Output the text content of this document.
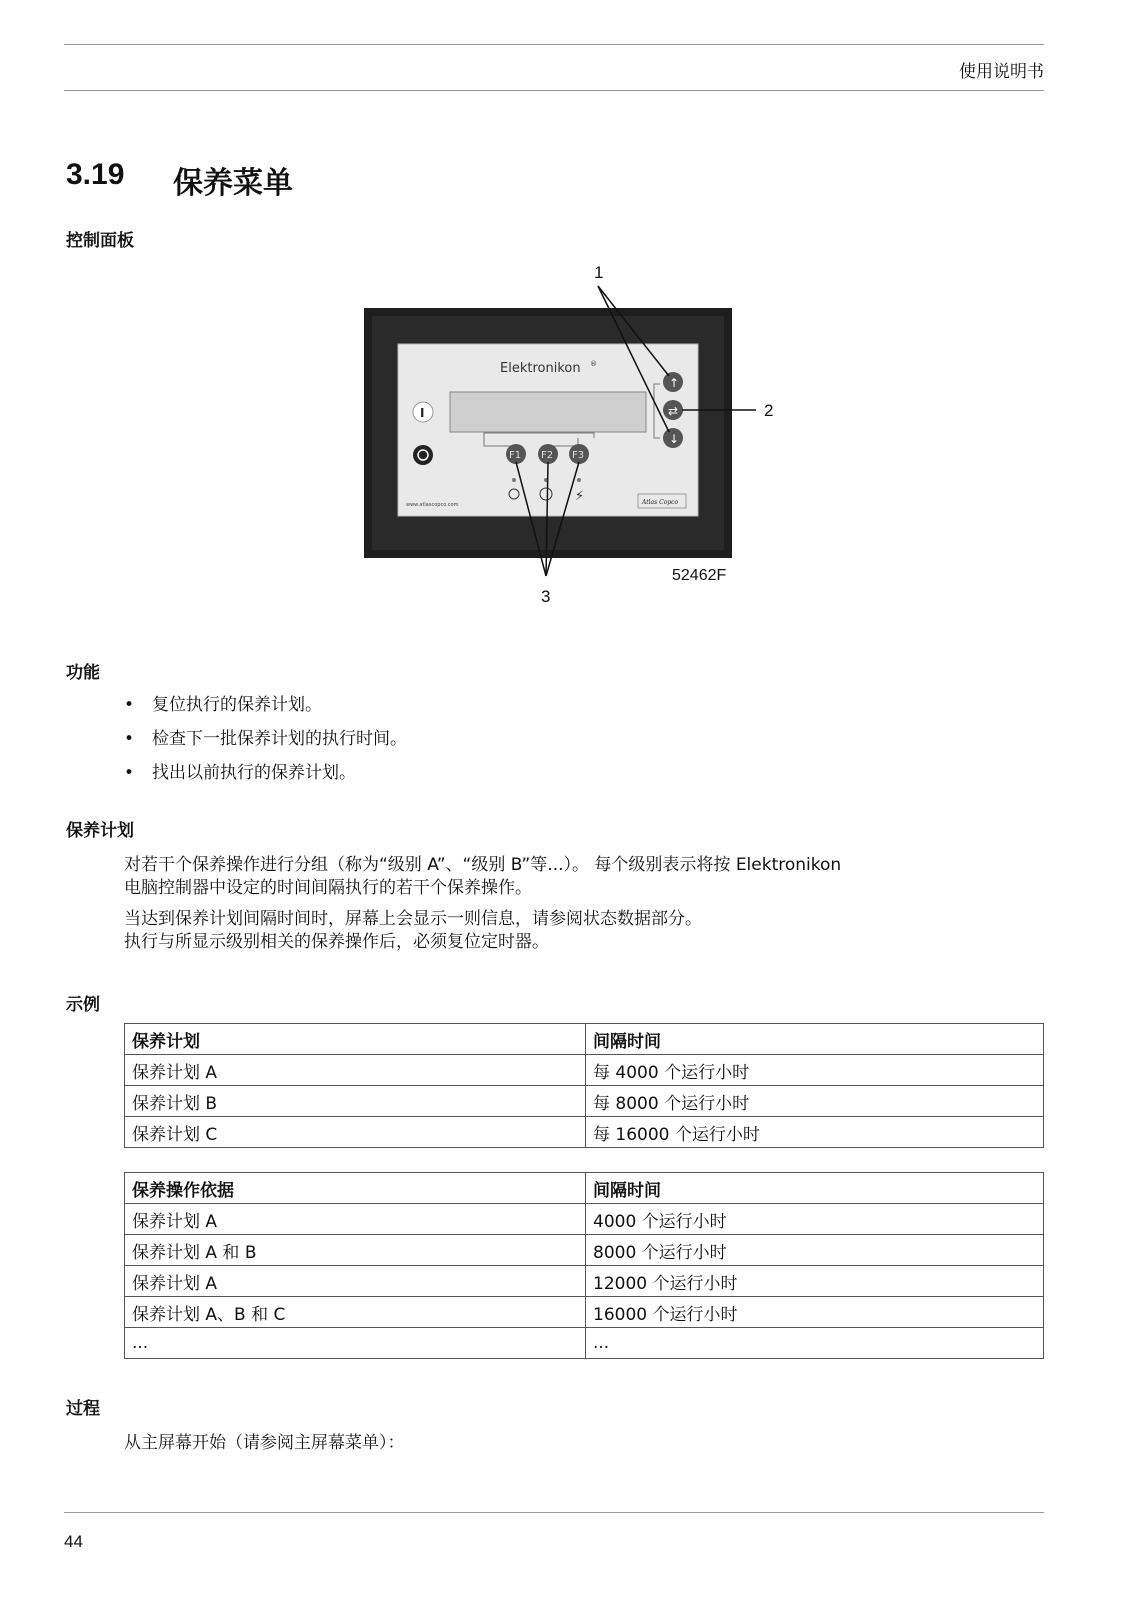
使用说明书
3.19 保养菜单
控制面板
Elektronikon ®
I
F1 F2 F3
⚡
www.atlascopco.com	Atlas Copco
↑
⇄
↓
1
2
3
52462F
功能
• 复位执行的保养计划。
• 检查下一批保养计划的执行时间。
• 找出以前执行的保养计划。
保养计划
对若干个保养操作进行分组（称为“级别 A”、“级别 B”等...）。 每个级别表示将按 Elektronikon
电脑控制器中设定的时间间隔执行的若干个保养操作。
当达到保养计划间隔时间时，屏幕上会显示一则信息，请参阅状态数据部分。
执行与所显示级别相关的保养操作后，必须复位定时器。
示例
保养计划	间隔时间
保养计划 A	每 4000 个运行小时
保养计划 B	每 8000 个运行小时
保养计划 C	每 16000 个运行小时
保养操作依据	间隔时间
保养计划 A	4000 个运行小时
保养计划 A 和 B	8000 个运行小时
保养计划 A	12000 个运行小时
保养计划 A、B 和 C	16000 个运行小时
...	...
过程
从主屏幕开始（请参阅主屏幕菜单）：
44
